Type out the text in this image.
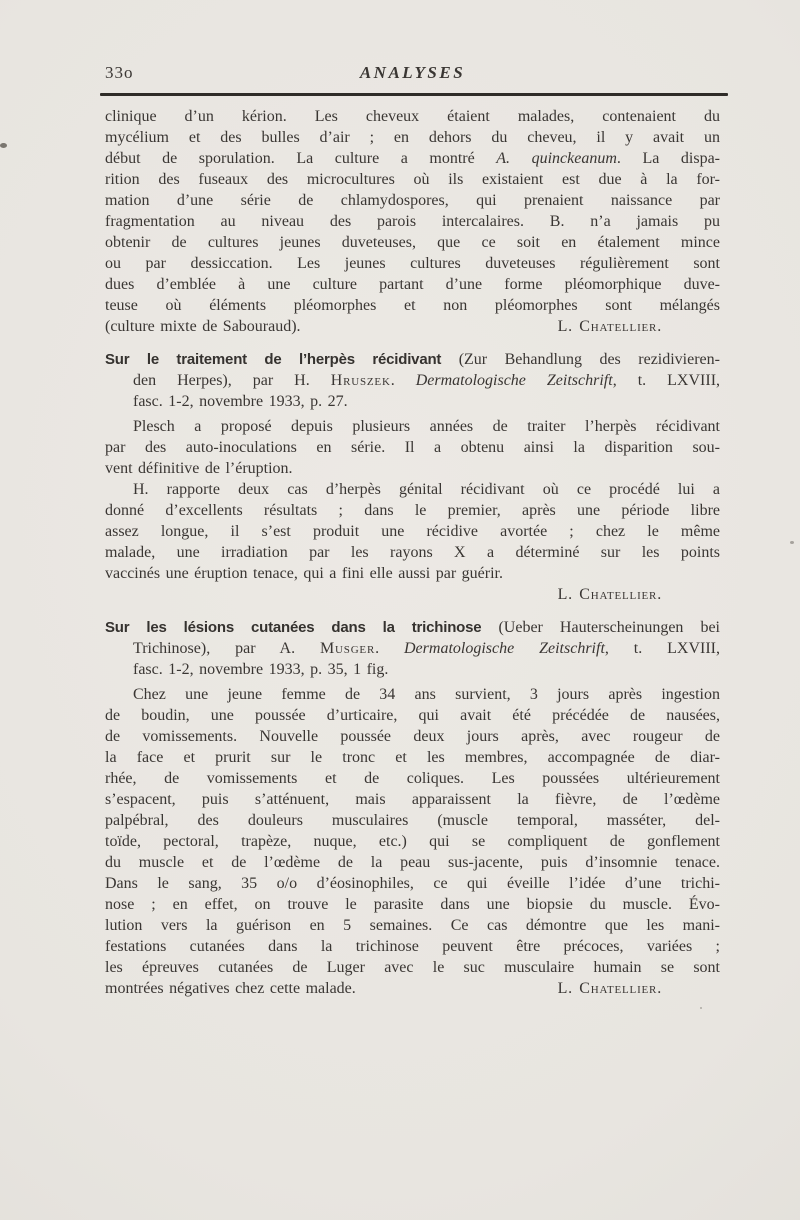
33o	ANALYSES
clinique d’un kérion. Les cheveux étaient malades, contenaient du
mycélium et des bulles d’air ; en dehors du cheveu, il y avait un
début de sporulation. La culture a montré A. quinckeanum. La dispa-
rition des fuseaux des microcultures où ils existaient est due à la for-
mation d’une série de chlamydospores, qui prenaient naissance par
fragmentation au niveau des parois intercalaires. B. n’a jamais pu
obtenir de cultures jeunes duveteuses, que ce soit en étalement mince
ou par dessiccation. Les jeunes cultures duveteuses régulièrement sont
dues d’emblée à une culture partant d’une forme pléomorphique duve-
teuse où éléments pléomorphes et non pléomorphes sont mélangés
L. Chatellier.
(culture mixte de Sabouraud).
Sur le traitement de l’herpès récidivant (Zur Behandlung des rezidivieren-
den Herpes), par H. Hruszek. Dermatologische Zeitschrift, t. LXVIII,
fasc. 1-2, novembre 1933, p. 27.
Plesch a proposé depuis plusieurs années de traiter l’herpès récidivant
par des auto-inoculations en série. Il a obtenu ainsi la disparition sou-
vent définitive de l’éruption.
H. rapporte deux cas d’herpès génital récidivant où ce procédé lui a
donné d’excellents résultats ; dans le premier, après une période libre
assez longue, il s’est produit une récidive avortée ; chez le même
malade, une irradiation par les rayons X a déterminé sur les points
vaccinés une éruption tenace, qui a fini elle aussi par guérir.
L. Chatellier.
Sur les lésions cutanées dans la trichinose (Ueber Hauterscheinungen bei
Trichinose), par A. Musger. Dermatologische Zeitschrift, t. LXVIII,
fasc. 1-2, novembre 1933, p. 35, 1 fig.
Chez une jeune femme de 34 ans survient, 3 jours après ingestion
de boudin, une poussée d’urticaire, qui avait été précédée de nausées,
de vomissements. Nouvelle poussée deux jours après, avec rougeur de
la face et prurit sur le tronc et les membres, accompagnée de diar-
rhée, de vomissements et de coliques. Les poussées ultérieurement
s’espacent, puis s’atténuent, mais apparaissent la fièvre, de l’œdème
palpébral, des douleurs musculaires (muscle temporal, masséter, del-
toïde, pectoral, trapèze, nuque, etc.) qui se compliquent de gonflement
du muscle et de l’œdème de la peau sus-jacente, puis d’insomnie tenace.
Dans le sang, 35 o/o d’éosinophiles, ce qui éveille l’idée d’une trichi-
nose ; en effet, on trouve le parasite dans une biopsie du muscle. Évo-
lution vers la guérison en 5 semaines. Ce cas démontre que les mani-
festations cutanées dans la trichinose peuvent être précoces, variées ;
les épreuves cutanées de Luger avec le suc musculaire humain se sont
L. Chatellier.
montrées négatives chez cette malade.
